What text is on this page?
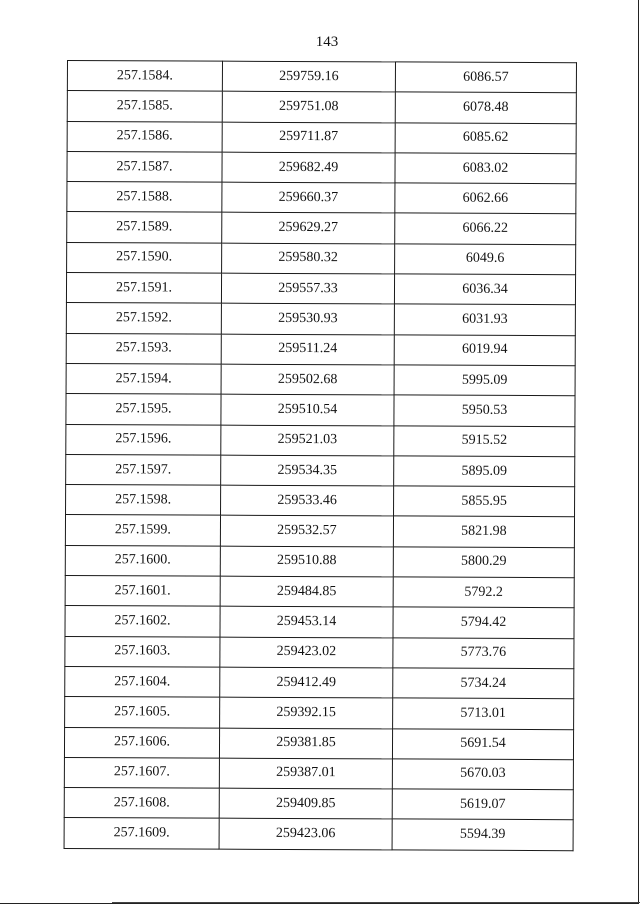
143
257.1584.	259759.16	6086.57
257.1585.	259751.08	6078.48
257.1586.	259711.87	6085.62
257.1587.	259682.49	6083.02
257.1588.	259660.37	6062.66
257.1589.	259629.27	6066.22
257.1590.	259580.32	6049.6
257.1591.	259557.33	6036.34
257.1592.	259530.93	6031.93
257.1593.	259511.24	6019.94
257.1594.	259502.68	5995.09
257.1595.	259510.54	5950.53
257.1596.	259521.03	5915.52
257.1597.	259534.35	5895.09
257.1598.	259533.46	5855.95
257.1599.	259532.57	5821.98
257.1600.	259510.88	5800.29
257.1601.	259484.85	5792.2
257.1602.	259453.14	5794.42
257.1603.	259423.02	5773.76
257.1604.	259412.49	5734.24
257.1605.	259392.15	5713.01
257.1606.	259381.85	5691.54
257.1607.	259387.01	5670.03
257.1608.	259409.85	5619.07
257.1609.	259423.06	5594.39
